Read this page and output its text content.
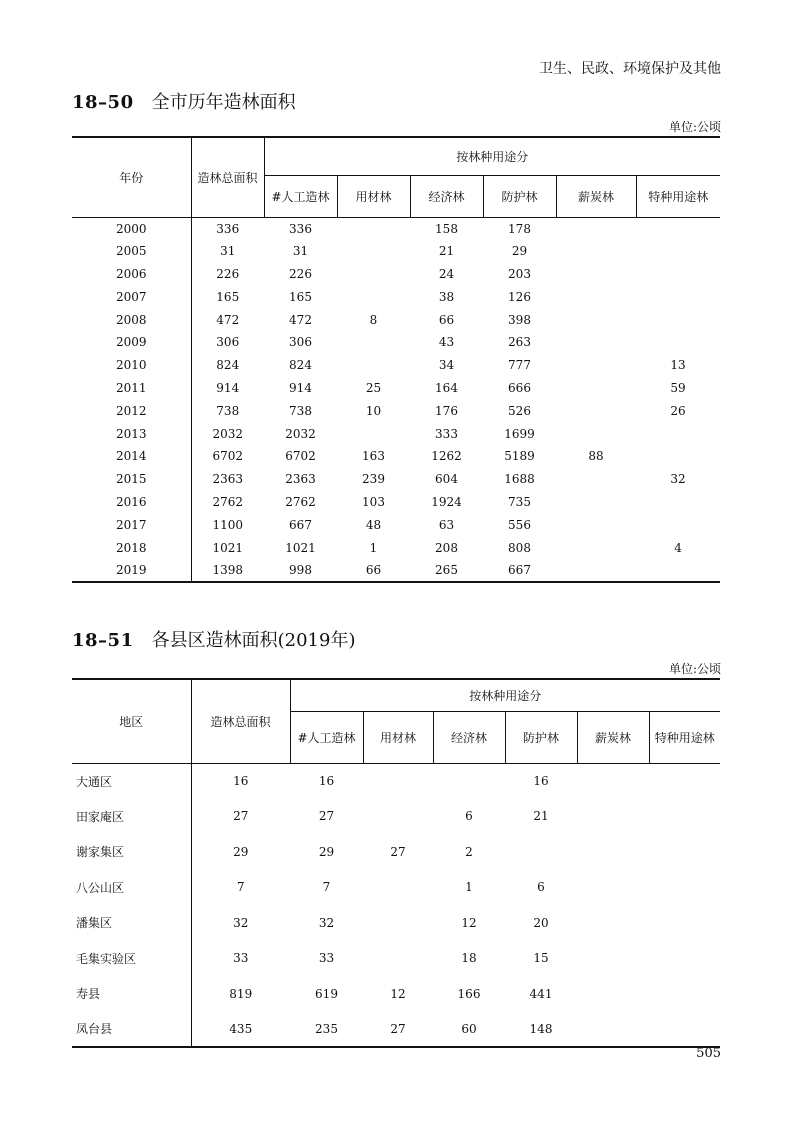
卫生、民政、环境保护及其他
18–50 全市历年造林面积
单位:公顷
年份	造林总面积	按林种用途分					
		#人工造林	用材林	经济林	防护林	薪炭林	特种用途林
2000	336	336		158	178		
2005	31	31		21	29		
2006	226	226		24	203		
2007	165	165		38	126		
2008	472	472	8	66	398		
2009	306	306		43	263		
2010	824	824		34	777		13
2011	914	914	25	164	666		59
2012	738	738	10	176	526		26
2013	2032	2032		333	1699		
2014	6702	6702	163	1262	5189	88	
2015	2363	2363	239	604	1688		32
2016	2762	2762	103	1924	735		
2017	1100	667	48	63	556		
2018	1021	1021	1	208	808		4
2019	1398	998	66	265	667		
18–51 各县区造林面积(2019年)
单位:公顷
地区	造林总面积	按林种用途分					
		#人工造林	用材林	经济林	防护林	薪炭林	特种用途林
大通区	16	16			16		
田家庵区	27	27		6	21		
谢家集区	29	29	27	2			
八公山区	7	7		1	6		
潘集区	32	32		12	20		
毛集实验区	33	33		18	15		
寿县	819	619	12	166	441		
凤台县	435	235	27	60	148		
505
